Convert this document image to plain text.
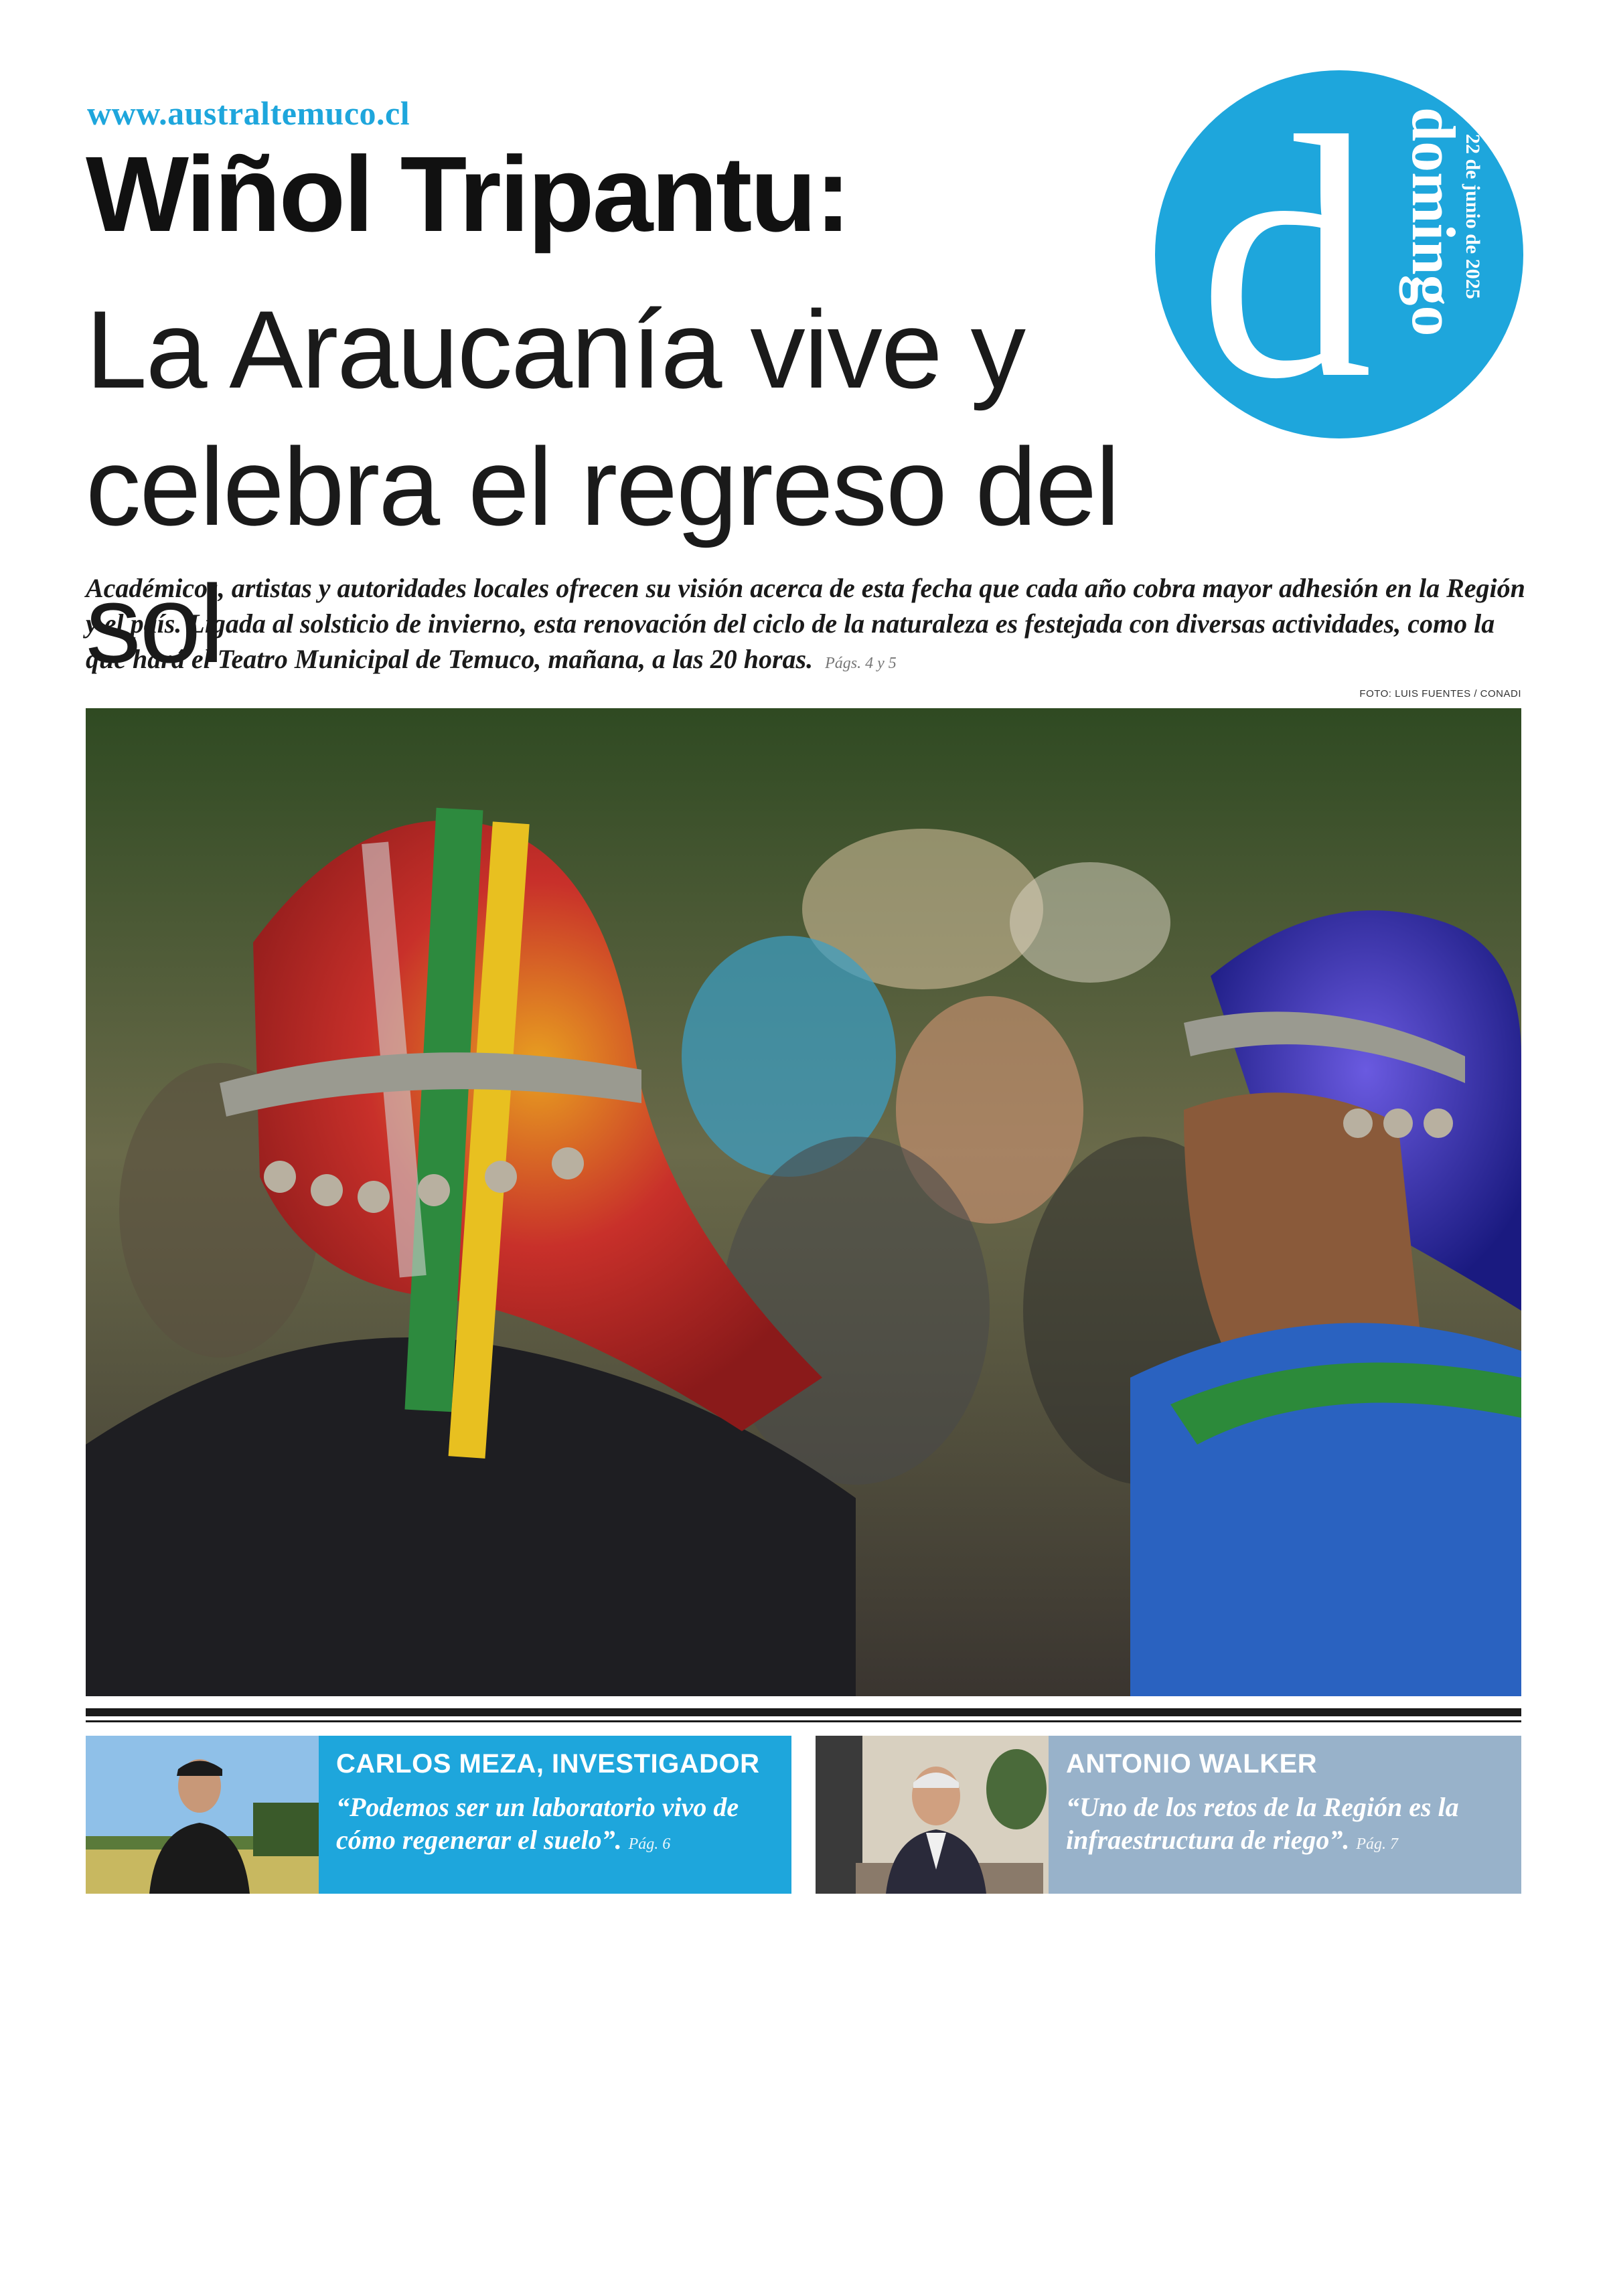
www.australtemuco.cl
Wiñol Tripantu:
La Araucanía vive y celebra el regreso del sol
d domingo
22 de junio de 2025
Académicos, artistas y autoridades locales ofrecen su visión acerca de esta fecha que cada año cobra mayor adhesión en la Región y el país. Ligada al solsticio de invierno, esta renovación del ciclo de la naturaleza es festejada con diversas actividades, como la que hará el Teatro Municipal de Temuco, mañana, a las 20 horas. Págs. 4 y 5
FOTO: LUIS FUENTES / CONADI
CARLOS MEZA, INVESTIGADOR
“Podemos ser un laboratorio vivo de cómo regenerar el suelo”. Pág. 6
ANTONIO WALKER
“Uno de los retos de la Región es la infraestructura de riego”. Pág. 7
